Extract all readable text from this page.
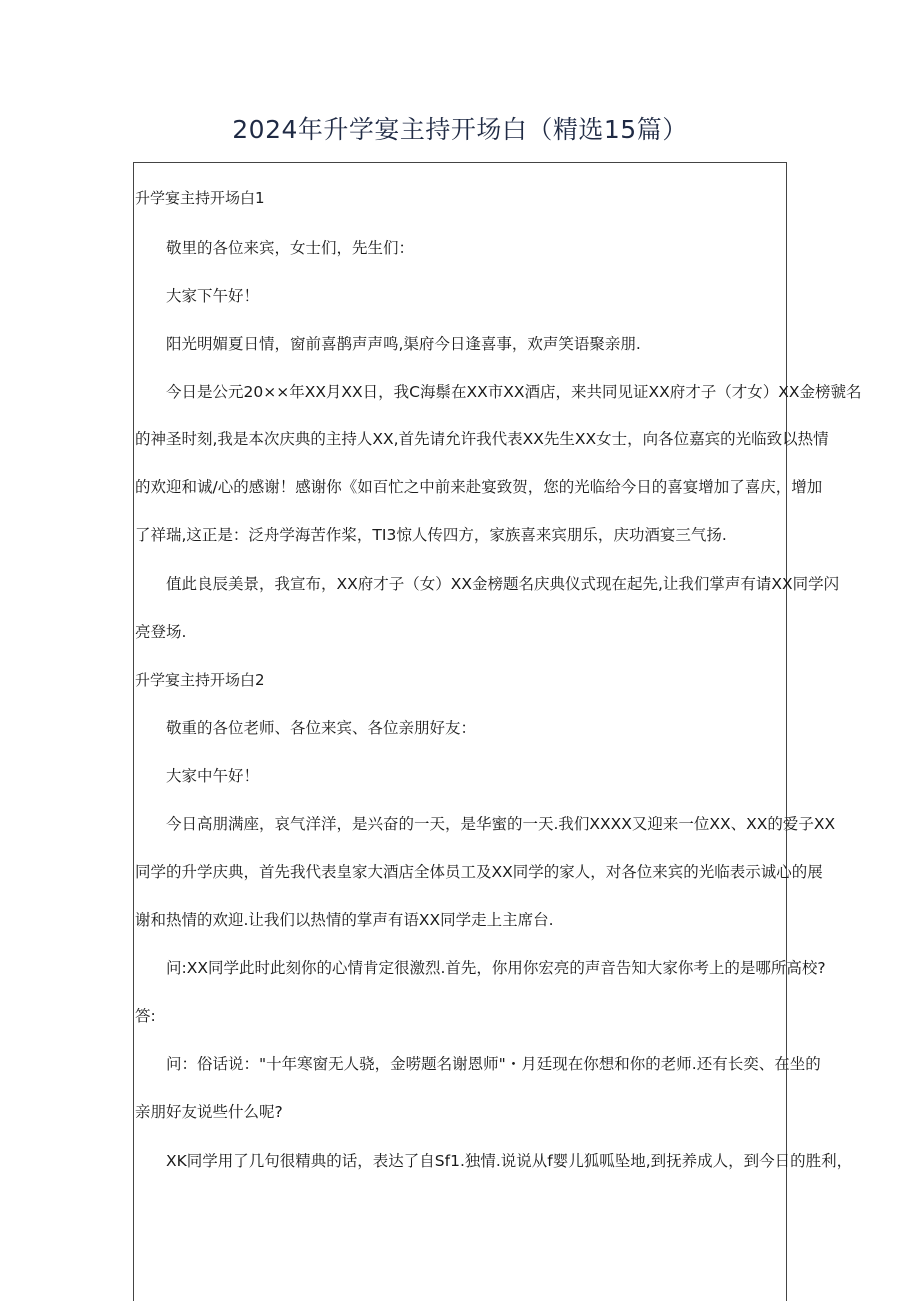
2024年升学宴主持开场白（精选15篇）
升学宴主持开场白1
敬里的各位来宾，女士们，先生们：
大家下午好！
阳光明媚夏日情，窗前喜鹊声声鸣,渠府今日逢喜事，欢声笑语聚亲朋.
今日是公元20××年XX月XX日，我C海鬃在XX市XX酒店，来共同见证XX府才子（才女）XX金榜虢名
的神圣时刻,我是本次庆典的主持人XX,首先请允许我代表XX先生XX女士，向各位嘉宾的光临致以热情
的欢迎和诚/心的感谢！感谢你《如百忙之中前来赴宴致贺，您的光临给今日的喜宴增加了喜庆，增加
了祥瑞,这正是：泛舟学海苦作桨，TI3惊人传四方，家族喜来宾朋乐，庆功酒宴三气扬.
值此良辰美景，我宣布，XX府才子（女）XX金榜题名庆典仪式现在起先,让我们掌声有请XX同学闪
亮登场.
升学宴主持开场白2
敬重的各位老师、各位来宾、各位亲朋好友：
大家中午好！
今日高朋满座，哀气洋洋，是兴奋的一天，是华蜜的一天.我们XXXX又迎来一位XX、XX的爱子XX
同学的升学庆典，首先我代表皇家大酒店全体员工及XX同学的家人，对各位来宾的光临表示诚心的展
谢和热情的欢迎.让我们以热情的掌声有语XX同学走上主席台.
问:XX同学此时此刻你的心情肯定很激烈.首先，你用你宏亮的声音告知大家你考上的是哪所高校?
答:
问：俗话说："十年寒窗无人骁，金唠题名谢恩师"・月廷现在你想和你的老师.还有长奕、在坐的
亲朋好友说些什么呢?
XK同学用了几句很精典的话，表达了自Sf1.独情.说说从f婴儿狐呱坠地,到抚养成人，到今日的胜利，
